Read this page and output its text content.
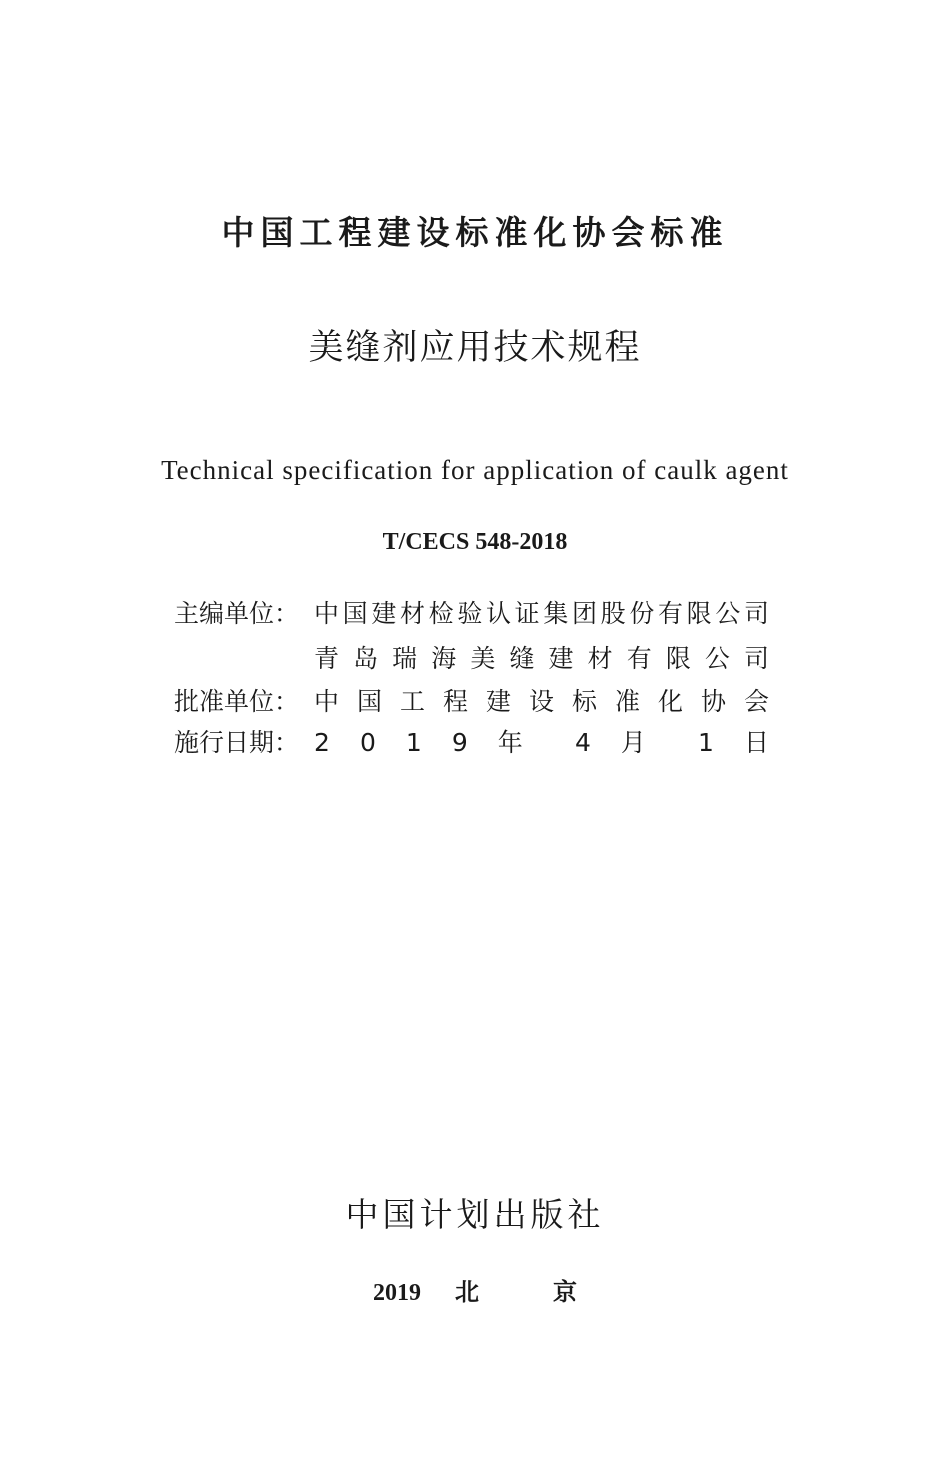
中国工程建设标准化协会标准
美缝剂应用技术规程
Technical specification for application of caulk agent
T/CECS 548-2018
主编单位： 中国建材检验认证集团股份有限公司
青 岛 瑞 海 美 缝 建 材 有 限 公 司
批准单位： 中 国 工 程 建 设 标 准 化 协 会
施行日期： 2 0 1 9 年 4 月 1 日
中国计划出版社
2019 北	京
